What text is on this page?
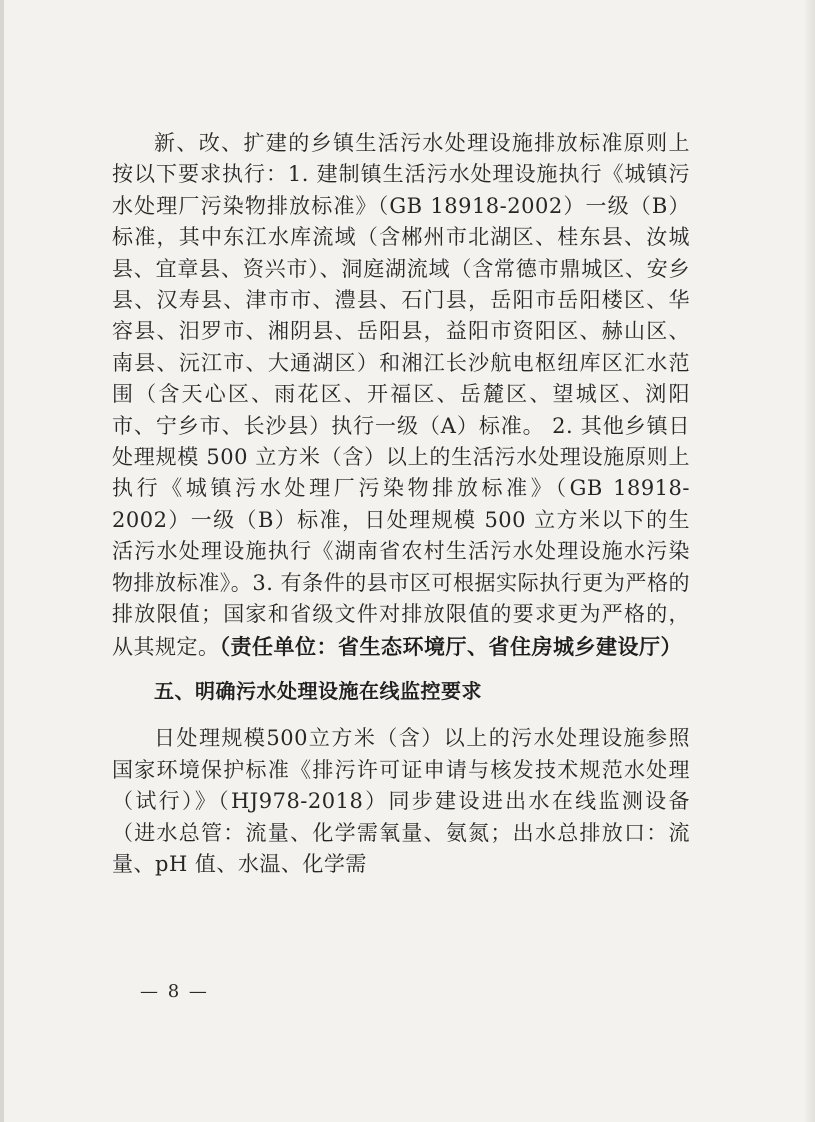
新、改、扩建的乡镇生活污水处理设施排放标准原则上按以下要求执行：1. 建制镇生活污水处理设施执行《城镇污水处理厂污染物排放标准》（GB 18918-2002）一级（B）标准，其中东江水库流域（含郴州市北湖区、桂东县、汝城县、宜章县、资兴市）、洞庭湖流域（含常德市鼎城区、安乡县、汉寿县、津市市、澧县、石门县，岳阳市岳阳楼区、华容县、汨罗市、湘阴县、岳阳县，益阳市资阳区、赫山区、南县、沅江市、大通湖区）和湘江长沙航电枢纽库区汇水范围（含天心区、雨花区、开福区、岳麓区、望城区、浏阳市、宁乡市、长沙县）执行一级（A）标准。 2. 其他乡镇日处理规模 500 立方米（含）以上的生活污水处理设施原则上执行《城镇污水处理厂污染物排放标准》（GB 18918-2002）一级（B）标准，日处理规模 500 立方米以下的生活污水处理设施执行《湖南省农村生活污水处理设施水污染物排放标准》。3. 有条件的县市区可根据实际执行更为严格的排放限值；国家和省级文件对排放限值的要求更为严格的，从其规定。（责任单位：省生态环境厅、省住房城乡建设厅）

五、明确污水处理设施在线监控要求

日处理规模500立方米（含）以上的污水处理设施参照国家环境保护标准《排污许可证申请与核发技术规范水处理（试行）》（HJ978-2018）同步建设进出水在线监测设备（进水总管：流量、化学需氧量、氨氮；出水总排放口：流量、pH 值、水温、化学需

— 8 —
